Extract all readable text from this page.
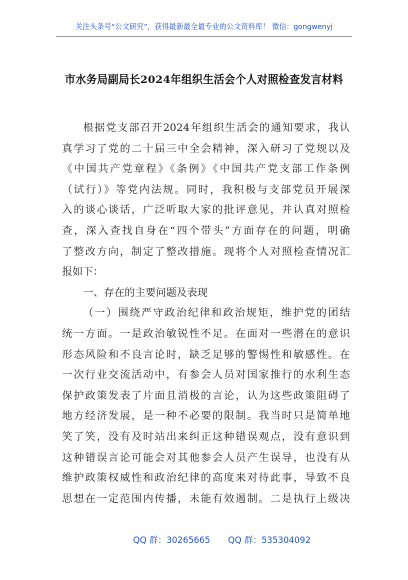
关注头条号“公文研究”，获得最新最全最专业的公文资料库！ 微信：gongwenyj
市水务局副局长2024年组织生活会个人对照检查发言材料
根据党支部召开2024年组织生活会的通知要求，我认
真学习了党的二十届三中全会精神，深入研习了党规以及
《中国共产党章程》《条例》《中国共产党支部工作条例
（试行）》等党内法规。同时，我积极与支部党员开展深
入的谈心谈话，广泛听取大家的批评意见，并认真对照检
查，深入查找自身在“四个带头”方面存在的问题，明确
了整改方向，制定了整改措施。现将个人对照检查情况汇
报如下：
一、存在的主要问题及表现
（一）围绕严守政治纪律和政治规矩，维护党的团结
统一方面。一是政治敏锐性不足。在面对一些潜在的意识
形态风险和不良言论时，缺乏足够的警惕性和敏感性。在
一次行业交流活动中，有参会人员对国家推行的水利生态
保护政策发表了片面且消极的言论，认为这些政策阻碍了
地方经济发展，是一种不必要的限制。我当时只是简单地
笑了笑，没有及时站出来纠正这种错误观点，没有意识到
这种错误言论可能会对其他参会人员产生误导，也没有从
维护政策权威性和政治纪律的高度来对待此事，导致不良
思想在一定范围内传播，未能有效遏制。二是执行上级决
QQ 群：30265665 QQ 群：535304092
